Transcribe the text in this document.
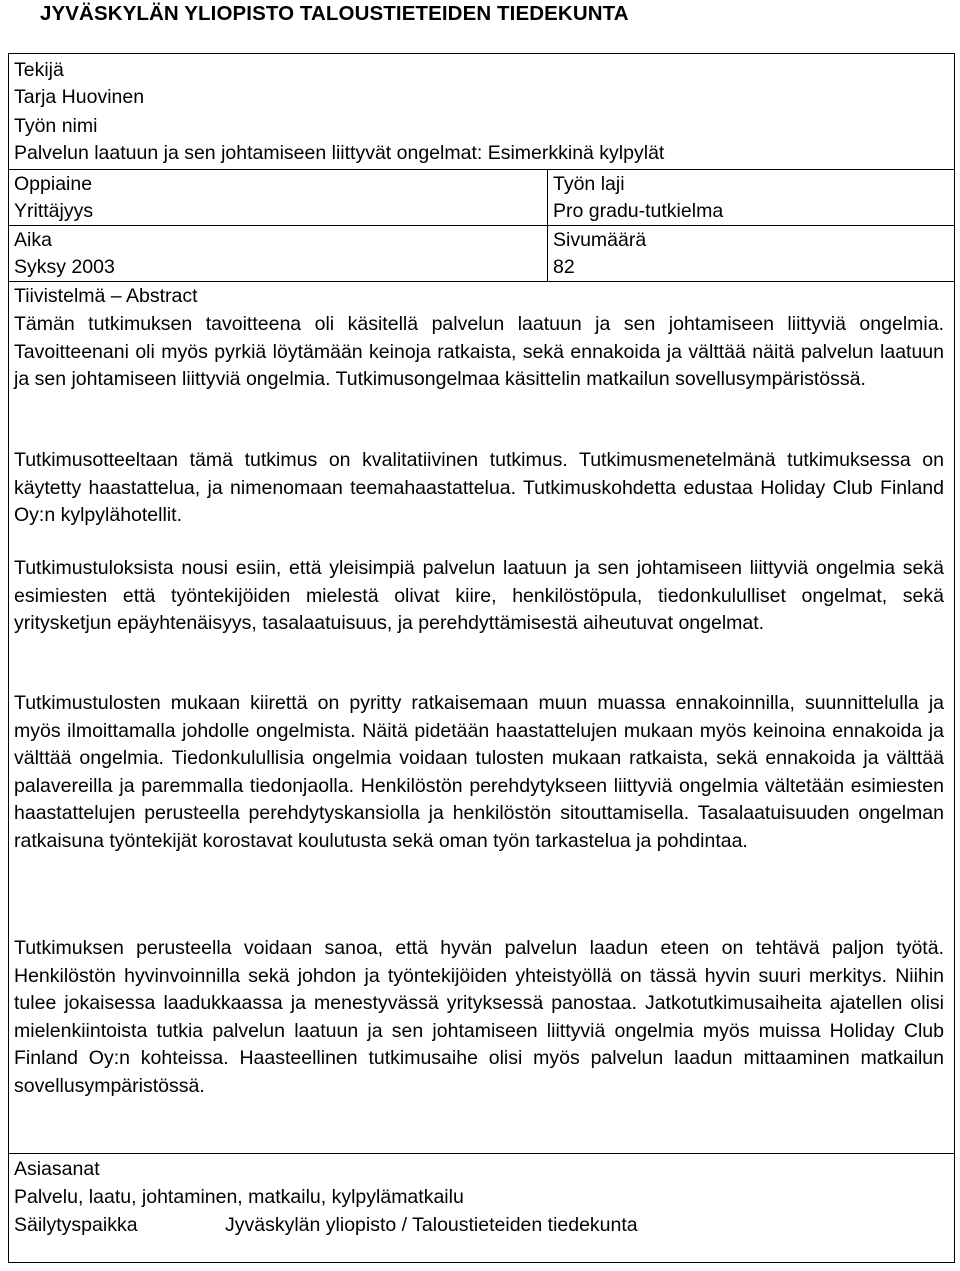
JYVÄSKYLÄN YLIOPISTO TALOUSTIETEIDEN TIEDEKUNTA
Tekijä
Tarja Huovinen
Työn nimi
Palvelun laatuun ja sen johtamiseen liittyvät ongelmat: Esimerkkinä kylpylät
Oppiaine
Yrittäjyys
Työn laji
Pro gradu-tutkielma
Aika
Syksy 2003
Sivumäärä
82
Tiivistelmä – Abstract
Tämän tutkimuksen tavoitteena oli käsitellä palvelun laatuun ja sen johtamiseen liittyviä ongelmia. Tavoitteenani oli myös pyrkiä löytämään keinoja ratkaista, sekä ennakoida ja välttää näitä palvelun laatuun ja sen johtamiseen liittyviä ongelmia. Tutkimusongelmaa käsittelin matkailun sovellusympäristössä.
Tutkimusotteeltaan tämä tutkimus on kvalitatiivinen tutkimus. Tutkimusmenetelmänä tutkimuksessa on käytetty haastattelua, ja nimenomaan teemahaastattelua. Tutkimuskohdetta edustaa Holiday Club Finland Oy:n kylpylähotellit.
Tutkimustuloksista nousi esiin, että yleisimpiä palvelun laatuun ja sen johtamiseen liittyviä ongelmia sekä esimiesten että työntekijöiden mielestä olivat kiire, henkilöstöpula, tiedonkululliset ongelmat, sekä yritysketjun epäyhtenäisyys, tasalaatuisuus, ja perehdyttämisestä aiheutuvat ongelmat.
Tutkimustulosten mukaan kiirettä on pyritty ratkaisemaan muun muassa ennakoinnilla, suunnittelulla ja myös ilmoittamalla johdolle ongelmista. Näitä pidetään haastattelujen mukaan myös keinoina ennakoida ja välttää ongelmia. Tiedonkulullisia ongelmia voidaan tulosten mukaan ratkaista, sekä ennakoida ja välttää palavereilla ja paremmalla tiedonjaolla. Henkilöstön perehdytykseen liittyviä ongelmia vältetään esimiesten haastattelujen perusteella perehdytyskansiolla ja henkilöstön sitouttamisella. Tasalaatuisuuden ongelman ratkaisuna työntekijät korostavat koulutusta sekä oman työn tarkastelua ja pohdintaa.
Tutkimuksen perusteella voidaan sanoa, että hyvän palvelun laadun eteen on tehtävä paljon työtä. Henkilöstön hyvinvoinnilla sekä johdon ja työntekijöiden yhteistyöllä on tässä hyvin suuri merkitys. Niihin tulee jokaisessa laadukkaassa ja menestyvässä yrityksessä panostaa. Jatkotutkimusaiheita ajatellen olisi mielenkiintoista tutkia palvelun laatuun ja sen johtamiseen liittyviä ongelmia myös muissa Holiday Club Finland Oy:n kohteissa. Haasteellinen tutkimusaihe olisi myös palvelun laadun mittaaminen matkailun sovellusympäristössä.
Asiasanat
Palvelu, laatu, johtaminen, matkailu, kylpylämatkailu
Säilytyspaikka	Jyväskylän yliopisto / Taloustieteiden tiedekunta
